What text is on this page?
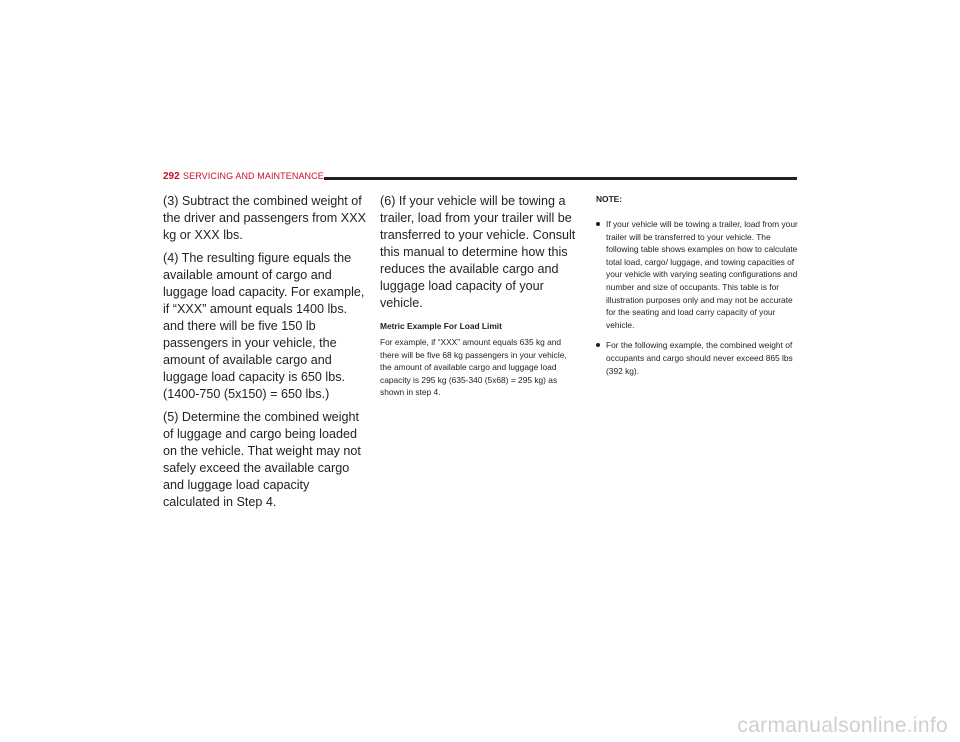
292 SERVICING AND MAINTENANCE

(3) Subtract the combined weight of the driver and passengers from XXX kg or XXX lbs.

(4) The resulting figure equals the available amount of cargo and luggage load capacity. For example, if “XXX” amount equals 1400 lbs. and there will be five 150 lb passengers in your vehicle, the amount of available cargo and luggage load capacity is 650 lbs. (1400-750 (5x150) = 650 lbs.)

(5) Determine the combined weight of luggage and cargo being loaded on the vehicle. That weight may not safely exceed the available cargo and luggage load capacity calculated in Step 4.

(6) If your vehicle will be towing a trailer, load from your trailer will be transferred to your vehicle. Consult this manual to determine how this reduces the available cargo and luggage load capacity of your vehicle.

Metric Example For Load Limit

For example, if “XXX” amount equals 635 kg and there will be five 68 kg passengers in your vehicle, the amount of available cargo and luggage load capacity is 295 kg (635-340 (5x68) = 295 kg) as shown in step 4.

NOTE:
If your vehicle will be towing a trailer, load from your trailer will be transferred to your vehicle. The following table shows examples on how to calculate total load, cargo/ luggage, and towing capacities of your vehicle with varying seating configurations and number and size of occupants. This table is for illustration purposes only and may not be accurate for the seating and load carry capacity of your vehicle.
For the following example, the combined weight of occupants and cargo should never exceed 865 lbs (392 kg).
carmanualsonline.info
